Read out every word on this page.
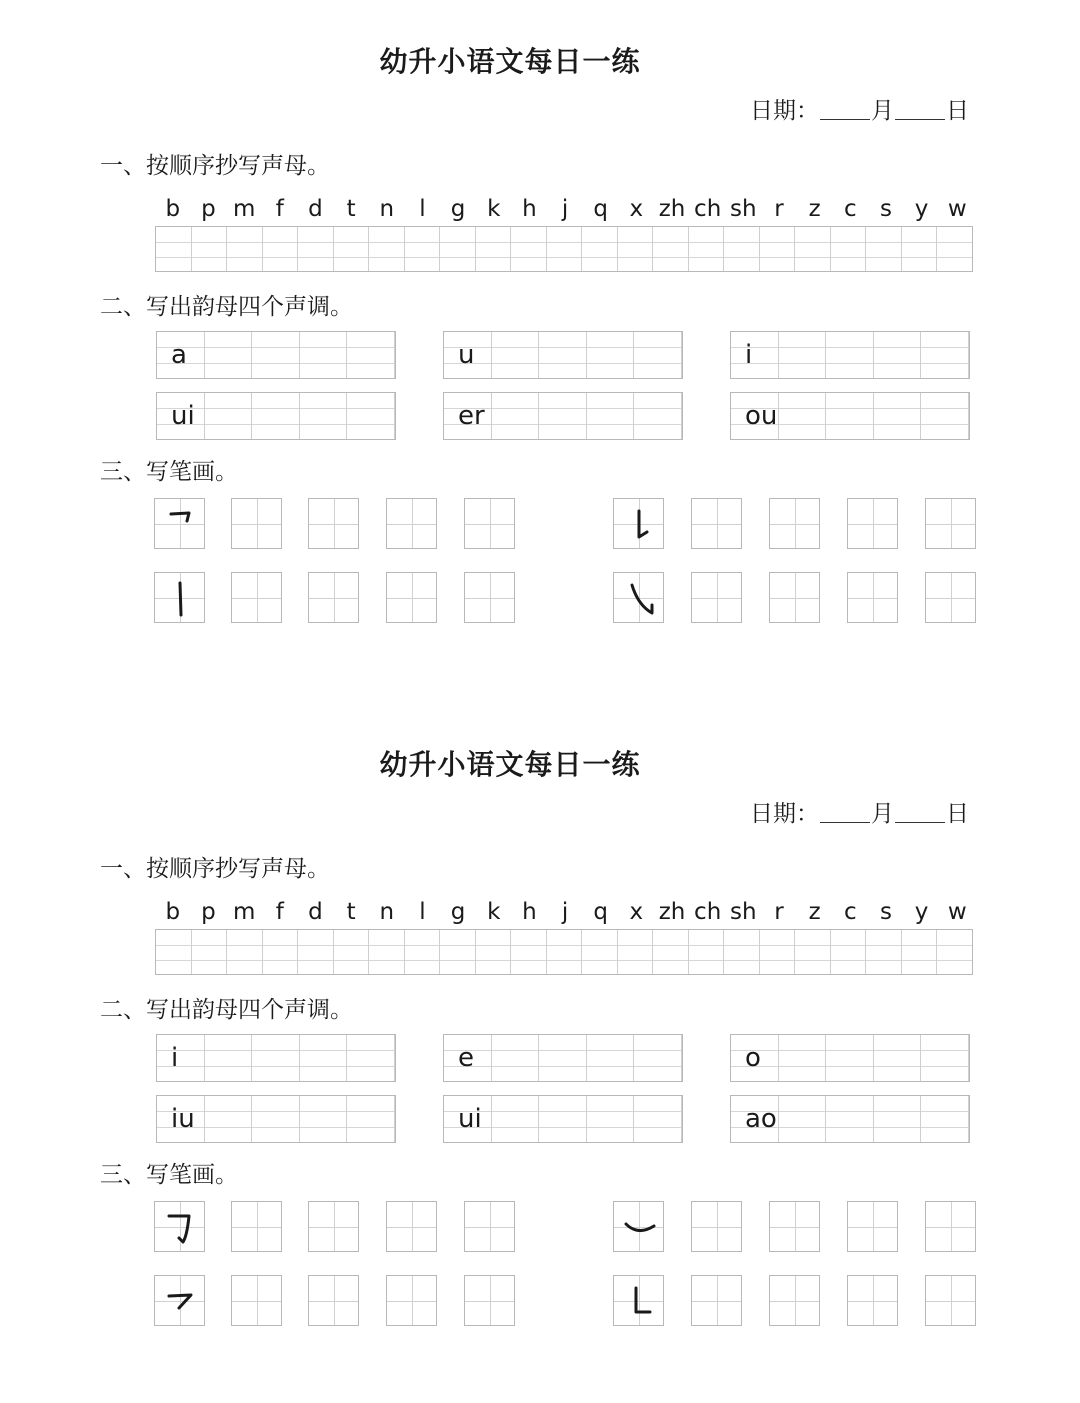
幼升小语文每日一练
日期： 月 日
一、按顺序抄写声母。
b p m f	d	t	n	l	g k h	j	q x zh ch sh r	z	c	s y w
二、写出韵母四个声调。
a	u	i
ui	er	ou
三、写笔画。
幼升小语文每日一练
日期： 月 日
一、按顺序抄写声母。
b p m f	d	t	n	l	g k h	j	q x zh ch sh r	z	c	s y w
二、写出韵母四个声调。
i	e	o
iu	ui	ao
三、写笔画。
